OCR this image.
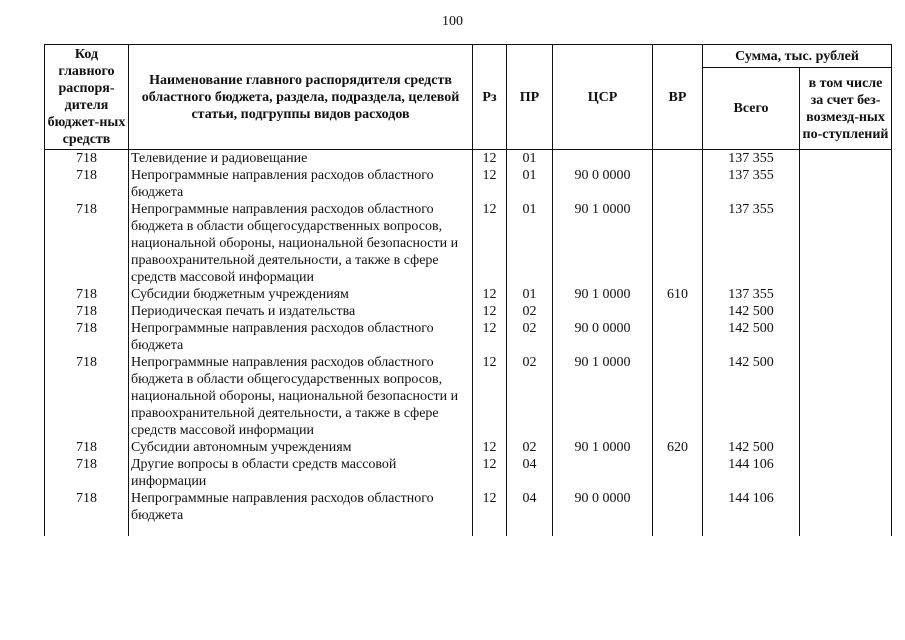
100
Код главного распоря-дителя бюджет-ных средств	Наименование главного распорядителя средств областного бюджета, раздела, подраздела, целевой статьи, подгруппы видов расходов	Рз	ПР	ЦСР	ВР	Сумма, тыс. рублей	
						Всего	в том числе за счет без-возмезд-ных по-ступлений
718	Телевидение и радиовещание	12	01			137 355	
718	Непрограммные направления расходов областного бюджета	12	01	90 0 0000		137 355	
718	Непрограммные направления расходов областного бюджета в области общегосударственных вопросов, национальной обороны, национальной безопасности и правоохранительной деятельности, а также в сфере средств массовой информации	12	01	90 1 0000		137 355	
718	Субсидии бюджетным учреждениям	12	01	90 1 0000	610	137 355	
718	Периодическая печать и издательства	12	02			142 500	
718	Непрограммные направления расходов областного бюджета	12	02	90 0 0000		142 500	
718	Непрограммные направления расходов областного бюджета в области общегосударственных вопросов, национальной обороны, национальной безопасности и правоохранительной деятельности, а также в сфере средств массовой информации	12	02	90 1 0000		142 500	
718	Субсидии автономным учреждениям	12	02	90 1 0000	620	142 500	
718	Другие вопросы в области средств массовой информации	12	04			144 106	
718	Непрограммные направления расходов областного бюджета	12	04	90 0 0000		144 106	
